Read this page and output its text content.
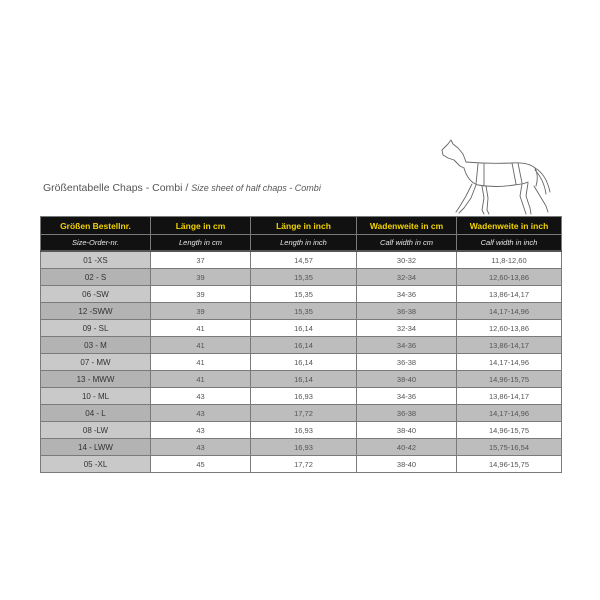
Größentabelle Chaps - Combi / Size sheet of half chaps - Combi
Größen Bestellnr.	Länge in cm	Länge in inch	Wadenweite in cm	Wadenweite in inch
Size-Order-nr.	Length in cm	Length in inch	Calf width in cm	Calf width in inch
01 -XS	37	14,57	30-32	11,8-12,60
02 - S	39	15,35	32-34	12,60-13,86
06 -SW	39	15,35	34-36	13,86-14,17
12 -SWW	39	15,35	36-38	14,17-14,96
09 - SL	41	16,14	32-34	12,60-13,86
03 - M	41	16,14	34-36	13,86-14,17
07 - MW	41	16,14	36-38	14,17-14,96
13 - MWW	41	16,14	38-40	14,96-15,75
10 - ML	43	16,93	34-36	13,86-14,17
04 - L	43	17,72	36-38	14,17-14,96
08 -LW	43	16,93	38-40	14,96-15,75
14 - LWW	43	16,93	40-42	15,75-16,54
05 -XL	45	17,72	38-40	14,96-15,75
